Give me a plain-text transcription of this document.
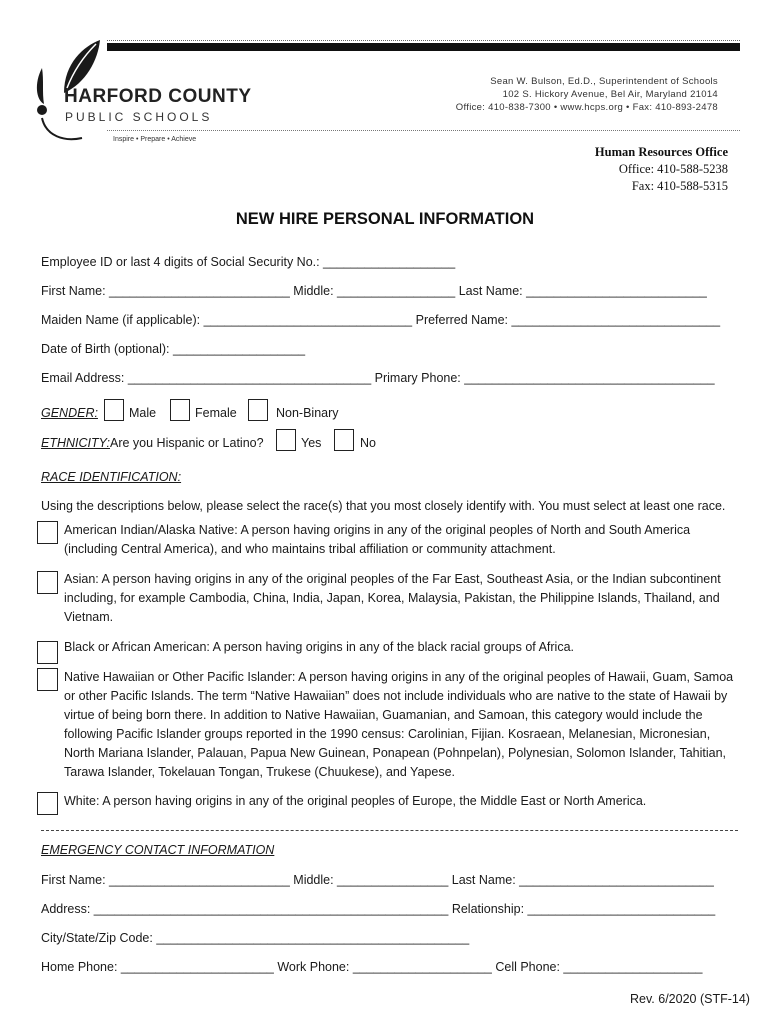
HARFORD COUNTY
PUBLIC SCHOOLS
Inspire • Prepare • Achieve
Sean W. Bulson, Ed.D., Superintendent of Schools
102 S. Hickory Avenue, Bel Air, Maryland 21014
Office: 410-838-7300 • www.hcps.org • Fax: 410-893-2478
Human Resources Office
Office: 410-588-5238
Fax: 410-588-5315
NEW HIRE PERSONAL INFORMATION
Employee ID or last 4 digits of Social Security No.: ___________________
First Name: __________________________ Middle: _________________ Last Name: __________________________
Maiden Name (if applicable): ______________________________ Preferred Name: ______________________________
Date of Birth (optional): ___________________
Email Address: ___________________________________ Primary Phone: ____________________________________
GENDER: Male	Female	Non-Binary
ETHNICITY: Are you Hispanic or Latino?	Yes	No
RACE IDENTIFICATION:
Using the descriptions below, please select the race(s) that you most closely identify with. You must select at least one race.
American Indian/Alaska Native: A person having origins in any of the original peoples of North and South America (including Central America), and who maintains tribal affiliation or community attachment.
Asian: A person having origins in any of the original peoples of the Far East, Southeast Asia, or the Indian subcontinent including, for example Cambodia, China, India, Japan, Korea, Malaysia, Pakistan, the Philippine Islands, Thailand, and Vietnam.
Black or African American: A person having origins in any of the black racial groups of Africa.
Native Hawaiian or Other Pacific Islander: A person having origins in any of the original peoples of Hawaii, Guam, Samoa or other Pacific Islands. The term “Native Hawaiian” does not include individuals who are native to the state of Hawaii by virtue of being born there. In addition to Native Hawaiian, Guamanian, and Samoan, this category would include the following Pacific Islander groups reported in the 1990 census: Carolinian, Fijian. Kosraean, Melanesian, Micronesian, North Mariana Islander, Palauan, Papua New Guinean, Ponapean (Pohnpelan), Polynesian, Solomon Islander, Tahitian, Tarawa Islander, Tokelauan Tongan, Trukese (Chuukese), and Yapese.
White: A person having origins in any of the original peoples of Europe, the Middle East or North America.
EMERGENCY CONTACT INFORMATION
First Name: __________________________ Middle: ________________ Last Name: ____________________________
Address: ___________________________________________________ Relationship: ___________________________
City/State/Zip Code: _____________________________________________
Home Phone: ______________________ Work Phone: ____________________ Cell Phone: ____________________
Rev. 6/2020 (STF-14)
